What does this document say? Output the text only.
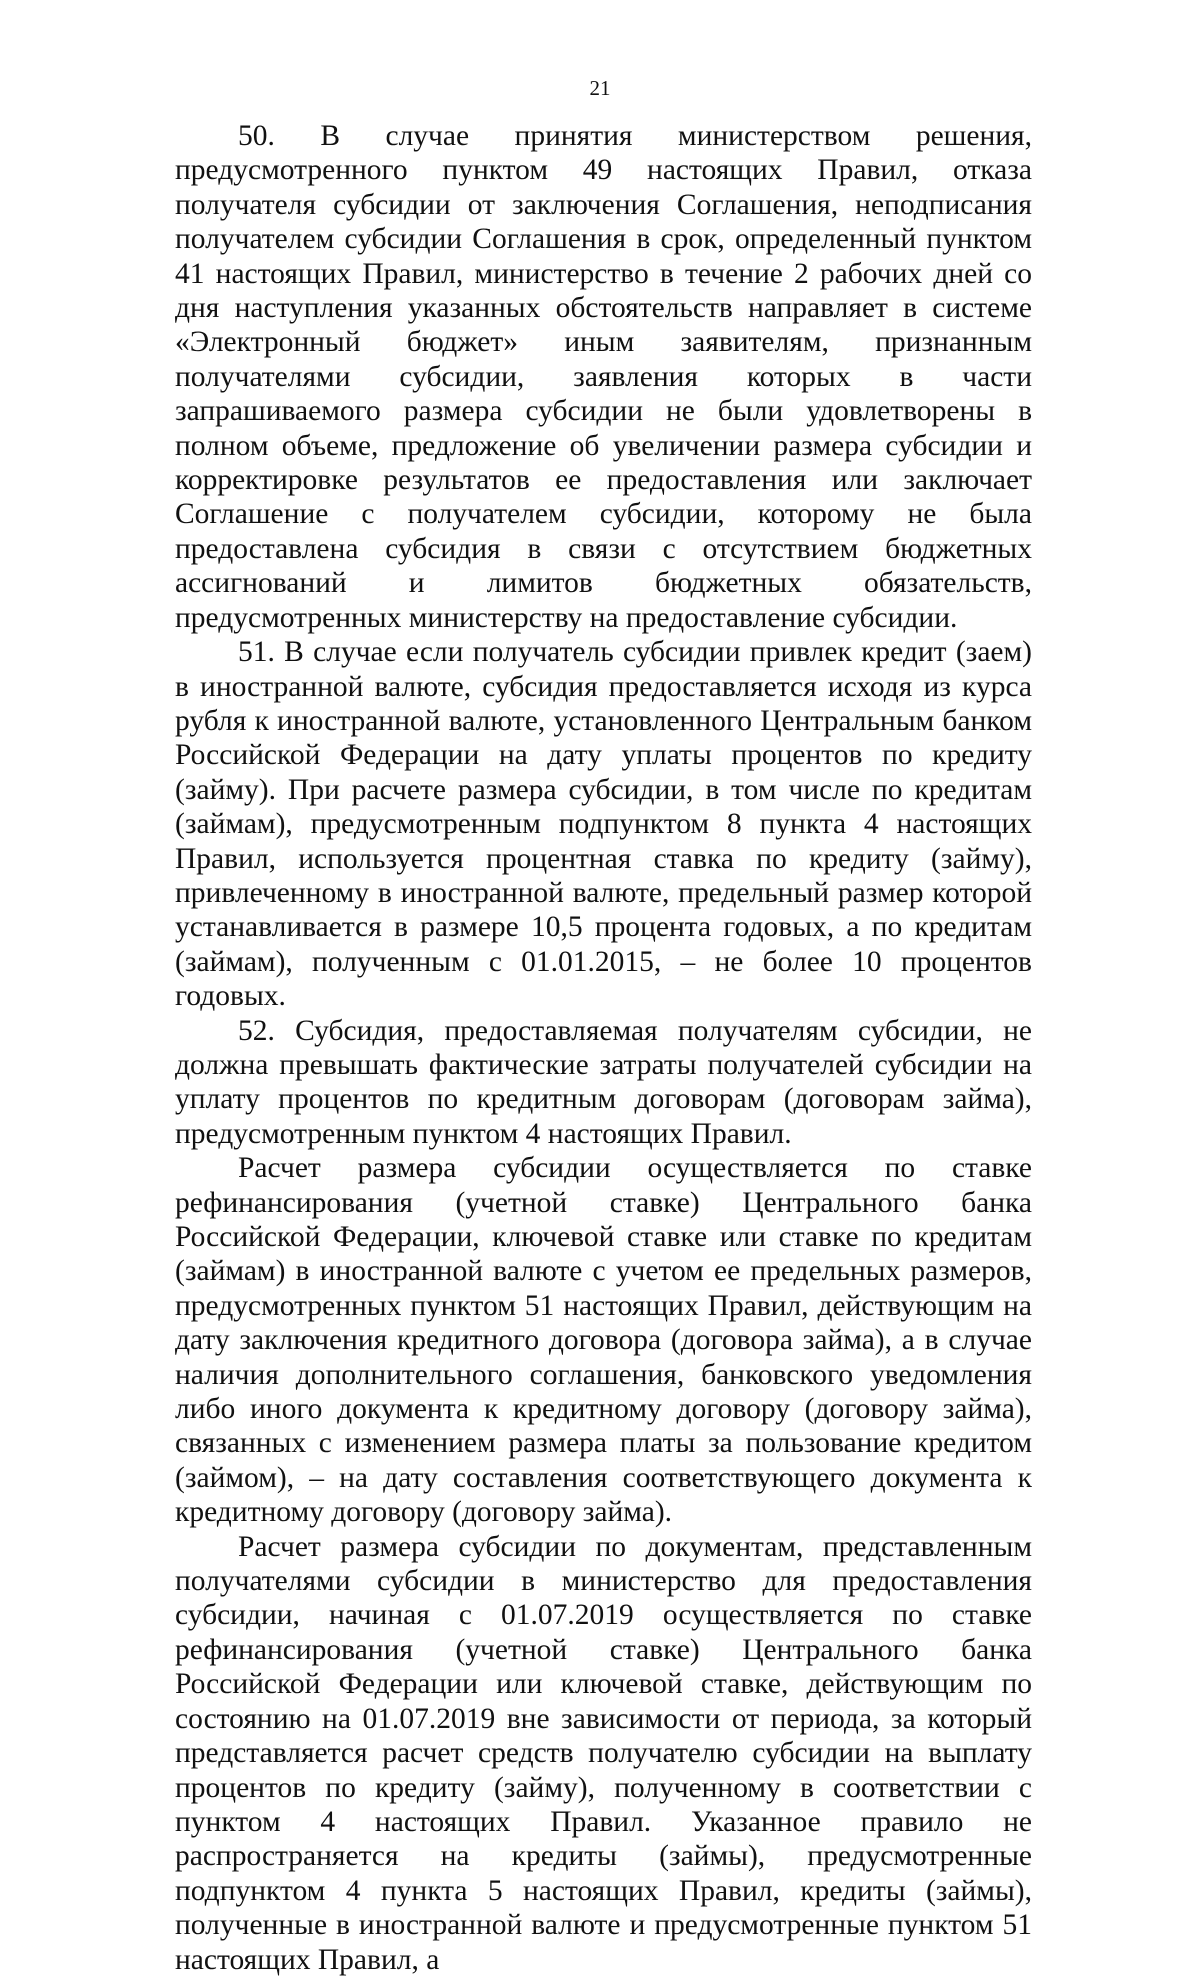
21

50. В случае принятия министерством решения, предусмотренного пунктом 49 настоящих Правил, отказа получателя субсидии от заключения Соглашения, неподписания получателем субсидии Соглашения в срок, определенный пунктом 41 настоящих Правил, министерство в течение 2 рабочих дней со дня наступления указанных обстоятельств направляет в системе «Электронный бюджет» иным заявителям, признанным получателями субсидии, заявления которых в части запрашиваемого размера субсидии не были удовлетворены в полном объеме, предложение об увеличении размера субсидии и корректировке результатов ее предоставления или заключает Соглашение с получателем субсидии, которому не была предоставлена субсидия в связи с отсутствием бюджетных ассигнований и лимитов бюджетных обязательств, предусмотренных министерству на предоставление субсидии.

51. В случае если получатель субсидии привлек кредит (заем) в иностранной валюте, субсидия предоставляется исходя из курса рубля к иностранной валюте, установленного Центральным банком Российской Федерации на дату уплаты процентов по кредиту (займу). При расчете размера субсидии, в том числе по кредитам (займам), предусмотренным подпунктом 8 пункта 4 настоящих Правил, используется процентная ставка по кредиту (займу), привлеченному в иностранной валюте, предельный размер которой устанавливается в размере 10,5 процента годовых, а по кредитам (займам), полученным с 01.01.2015, – не более 10 процентов годовых.

52. Субсидия, предоставляемая получателям субсидии, не должна превышать фактические затраты получателей субсидии на уплату процентов по кредитным договорам (договорам займа), предусмотренным пунктом 4 настоящих Правил.

Расчет размера субсидии осуществляется по ставке рефинансирования (учетной ставке) Центрального банка Российской Федерации, ключевой ставке или ставке по кредитам (займам) в иностранной валюте с учетом ее предельных размеров, предусмотренных пунктом 51 настоящих Правил, действующим на дату заключения кредитного договора (договора займа), а в случае наличия дополнительного соглашения, банковского уведомления либо иного документа к кредитному договору (договору займа), связанных с изменением размера платы за пользование кредитом (займом), – на дату составления соответствующего документа к кредитному договору (договору займа).

Расчет размера субсидии по документам, представленным получателями субсидии в министерство для предоставления субсидии, начиная с 01.07.2019 осуществляется по ставке рефинансирования (учетной ставке) Центрального банка Российской Федерации или ключевой ставке, действующим по состоянию на 01.07.2019 вне зависимости от периода, за который представляется расчет средств получателю субсидии на выплату процентов по кредиту (займу), полученному в соответствии с пунктом 4 настоящих Правил. Указанное правило не распространяется на кредиты (займы), предусмотренные подпунктом 4 пункта 5 настоящих Правил, кредиты (займы), полученные в иностранной валюте и предусмотренные пунктом 51 настоящих Правил, а
